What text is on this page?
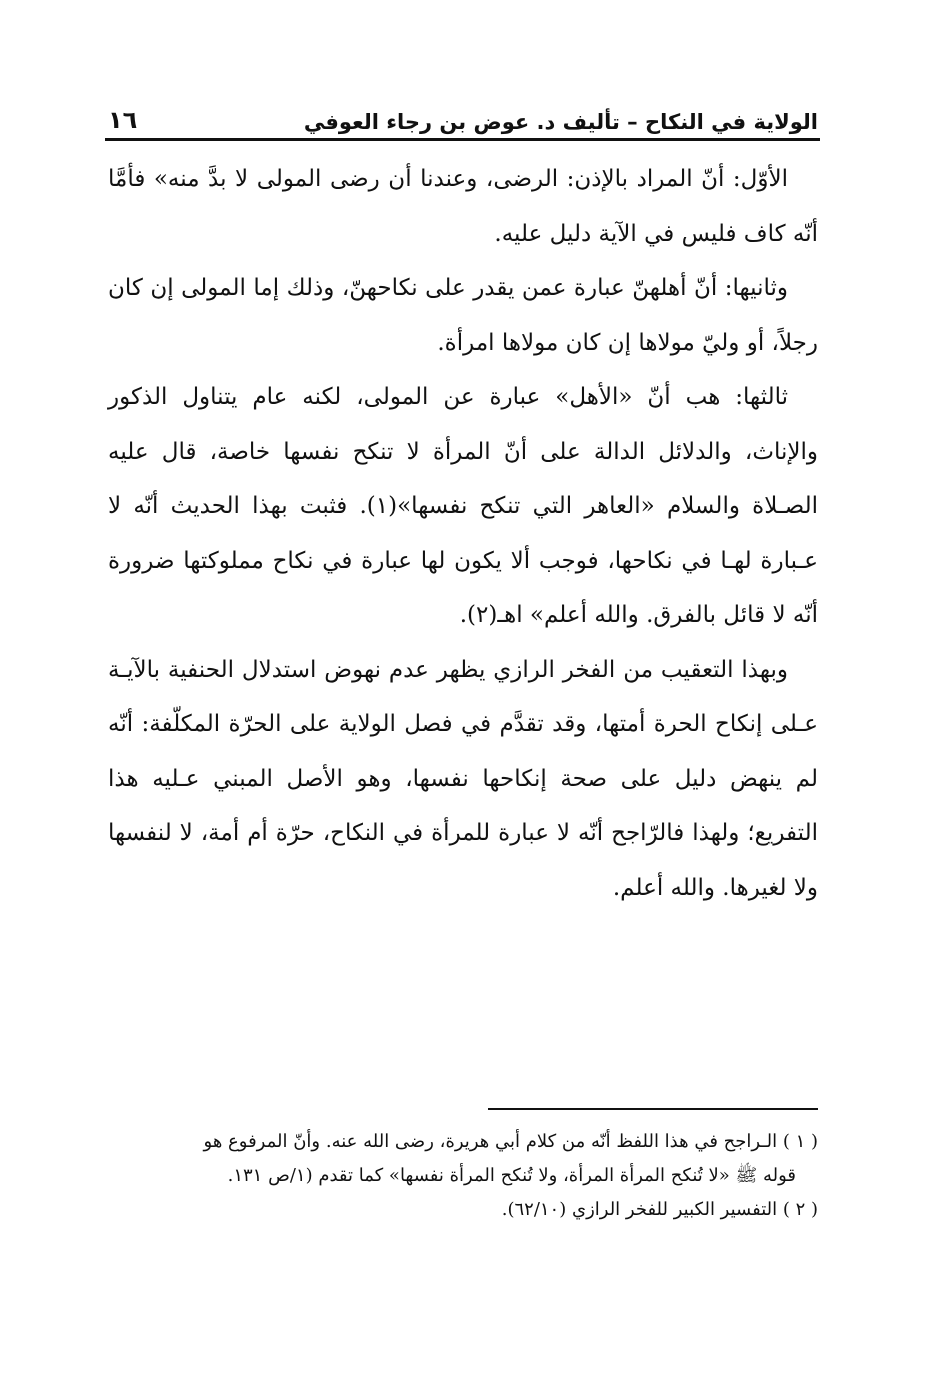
الولاية في النكاح – تأليف د. عوض بن رجاء العوفي
١٦

الأوّل: أنّ المراد بالإذن: الرضى، وعندنا أن رضى المولى لا بدَّ منه» فأمَّا أنّه كاف فليس في الآية دليل عليه.

وثانيها: أنّ أهلهنّ عبارة عمن يقدر على نكاحهنّ، وذلك إما المولى إن كان رجلاً، أو وليّ مولاها إن كان مولاها امرأة.

ثالثها: هب أنّ «الأهل» عبارة عن المولى، لكنه عام يتناول الذكور والإناث، والدلائل الدالة على أنّ المرأة لا تنكح نفسها خاصة، قال عليه الصـلاة والسلام «العاهر التي تنكح نفسها»(١). فثبت بهذا الحديث أنّه لا عـبارة لهـا في نكاحها، فوجب ألا يكون لها عبارة في نكاح مملوكتها ضرورة أنّه لا قائل بالفرق. والله أعلم» اهـ(٢).

وبهذا التعقيب من الفخر الرازي يظهر عدم نهوض استدلال الحنفية بالآيـة عـلى إنكاح الحرة أمتها، وقد تقدَّم في فصل الولاية على الحرّة المكلّفة: أنّه لم ينهض دليل على صحة إنكاحها نفسها، وهو الأصل المبني عـليه هذا التفريع؛ ولهذا فالرّاجح أنّه لا عبارة للمرأة في النكاح، حرّة أم أمة، لا لنفسها ولا لغيرها. والله أعلم.

( ١ ) الـراجح في هذا اللفظ أنّه من كلام أبي هريرة، رضى الله عنه. وأنّ المرفوع هو

قوله ﷺ «لا تُنكح المرأة المرأة، ولا تُنكح المرأة نفسها» كما تقدم (١/ص ١٣١.

( ٢ ) التفسير الكبير للفخر الرازي (٦٢/١٠).
